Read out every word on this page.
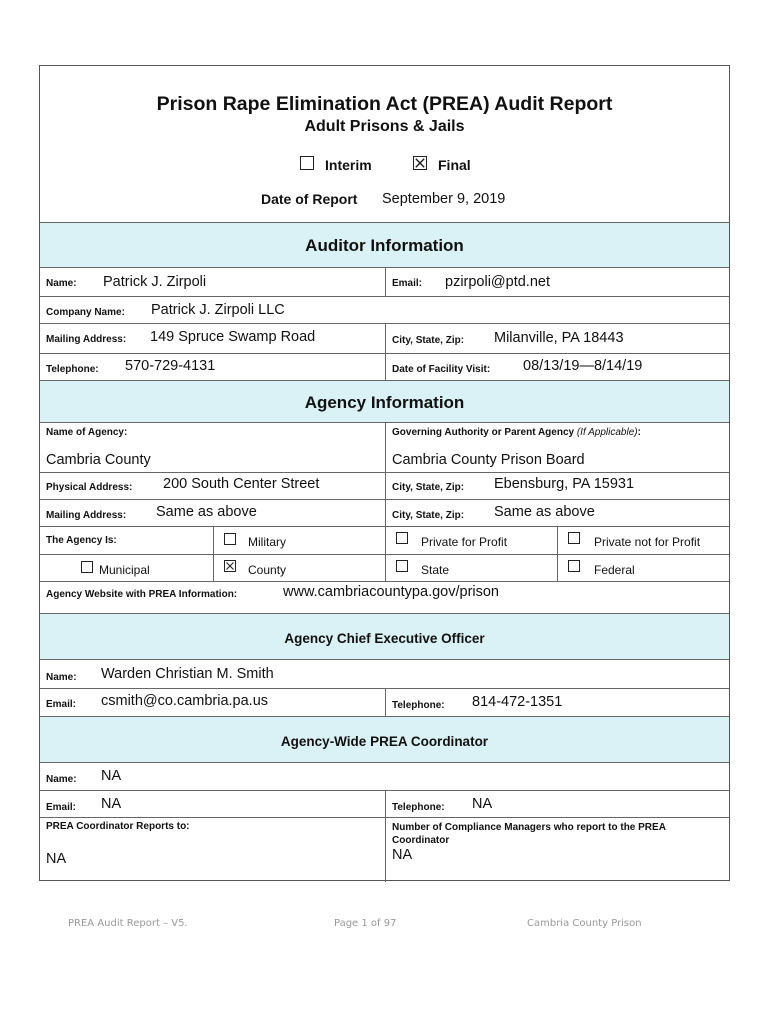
Prison Rape Elimination Act (PREA) Audit Report
Adult Prisons & Jails
Interim	Final
Date of Report September 9, 2019
Auditor Information
Name: Patrick J. Zirpoli	Email: pzirpoli@ptd.net
Company Name: Patrick J. Zirpoli LLC
Mailing Address: 149 Spruce Swamp Road	City, State, Zip: Milanville, PA 18443
Telephone: 570-729-4131	Date of Facility Visit: 08/13/19—8/14/19
Agency Information
Name of Agency:
Cambria County
Governing Authority or Parent Agency (If Applicable):
Cambria County Prison Board
Physical Address: 200 South Center Street	City, State, Zip: Ebensburg, PA 15931
Mailing Address: Same as above	City, State, Zip: Same as above
The Agency Is:	Military	Private for Profit	Private not for Profit
Municipal	County	State	Federal
Agency Website with PREA Information:	www.cambriacountypa.gov/prison
Agency Chief Executive Officer
Name: Warden Christian M. Smith
Email: csmith@co.cambria.pa.us	Telephone: 814-472-1351
Agency-Wide PREA Coordinator
Name: NA
Email: NA	Telephone: NA
PREA Coordinator Reports to:
NA
Number of Compliance Managers who report to the PREA Coordinator
NA
PREA Audit Report – V5.	Page 1 of 97	Cambria County Prison
